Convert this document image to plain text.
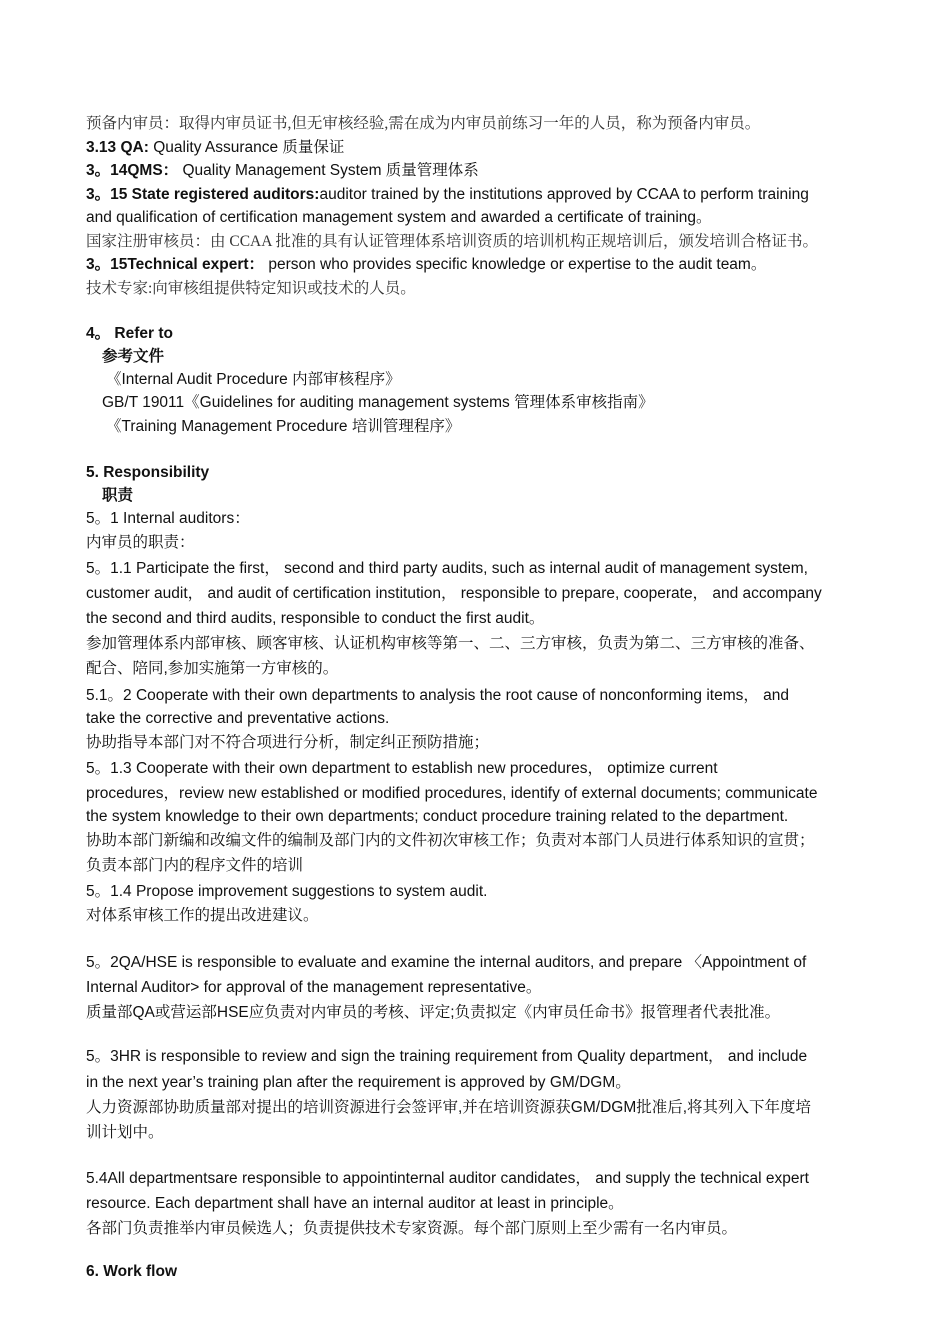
预备内审员：取得内审员证书,但无审核经验,需在成为内审员前练习一年的人员，称为预备内审员。
3.13 QA: Quality Assurance 质量保证
3。14QMS： Quality Management System 质量管理体系
3。15 State registered auditors:auditor trained by the institutions approved by CCAA to perform training
and qualification of certification management system and awarded a certificate of training。
国家注册审核员：由 CCAA 批准的具有认证管理体系培训资质的培训机构正规培训后，颁发培训合格证书。
3。15Technical expert： person who provides specific knowledge or expertise to the audit team。
技术专家:向审核组提供特定知识或技术的人员。
4。 Refer to
参考文件
《Internal Audit Procedure 内部审核程序》
GB/T 19011《Guidelines for auditing management systems 管理体系审核指南》
《Training Management Procedure 培训管理程序》
5. Responsibility
职责
5。1 Internal auditors：
内审员的职责：
5。1.1 Participate the first， second and third party audits, such as internal audit of management system,
customer audit， and audit of certification institution， responsible to prepare, cooperate， and accompany
the second and third audits, responsible to conduct the first audit。
参加管理体系内部审核、顾客审核、认证机构审核等第一、二、三方审核，负责为第二、三方审核的准备、
配合、陪同,参加实施第一方审核的。
5.1。2 Cooperate with their own departments to analysis the root cause of nonconforming items， and
take the corrective and preventative actions.
协助指导本部门对不符合项进行分析，制定纠正预防措施；
5。1.3 Cooperate with their own department to establish new procedures， optimize current
procedures，review new established or modified procedures, identify of external documents; communicate
the system knowledge to their own departments; conduct procedure training related to the department.
协助本部门新编和改编文件的编制及部门内的文件初次审核工作；负责对本部门人员进行体系知识的宣贯；
负责本部门内的程序文件的培训
5。1.4 Propose improvement suggestions to system audit.
对体系审核工作的提出改进建议。
5。2QA/HSE is responsible to evaluate and examine the internal auditors, and prepare 〈Appointment of
Internal Auditor> for approval of the management representative。
质量部QA或营运部HSE应负责对内审员的考核、评定;负责拟定《内审员任命书》报管理者代表批准。
5。3HR is responsible to review and sign the training requirement from Quality department， and include
in the next year’s training plan after the requirement is approved by GM/DGM。
人力资源部协助质量部对提出的培训资源进行会签评审,并在培训资源获GM/DGM批准后,将其列入下年度培
训计划中。
5.4All departmentsare responsible to appointinternal auditor candidates， and supply the technical expert
resource. Each department shall have an internal auditor at least in principle。
各部门负责推举内审员候选人；负责提供技术专家资源。每个部门原则上至少需有一名内审员。
6. Work flow
